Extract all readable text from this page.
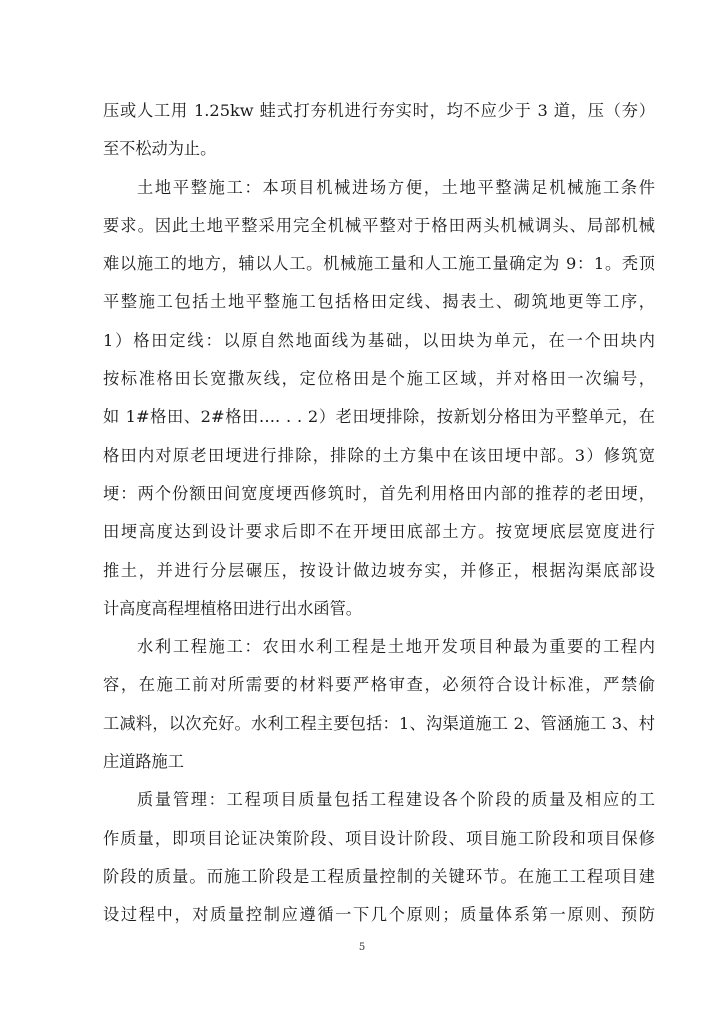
压或人工用 1.25kw 蛙式打夯机进行夯实时，均不应少于 3 道，压（夯）
至不松动为止。
土地平整施工：本项目机械进场方便，土地平整满足机械施工条件
要求。因此土地平整采用完全机械平整对于格田两头机械调头、局部机械
难以施工的地方，辅以人工。机械施工量和人工施工量确定为 9：1。秃顶
平整施工包括土地平整施工包括格田定线、揭表土、砌筑地更等工序，
1）格田定线：以原自然地面线为基础，以田块为单元，在一个田块内
按标准格田长宽撒灰线，定位格田是个施工区域，并对格田一次编号，
如 1#格田、2#格田…. . . 2）老田埂排除，按新划分格田为平整单元，在
格田内对原老田埂进行排除，排除的土方集中在该田埂中部。3）修筑宽
埂：两个份额田间宽度埂西修筑时，首先利用格田内部的推荐的老田埂，
田埂高度达到设计要求后即不在开埂田底部土方。按宽埂底层宽度进行
推土，并进行分层碾压，按设计做边坡夯实，并修正，根据沟渠底部设
计高度高程埋植格田进行出水函管。
水利工程施工：农田水利工程是土地开发项目种最为重要的工程内
容，在施工前对所需要的材料要严格审查，必须符合设计标准，严禁偷
工减料，以次充好。水利工程主要包括：1、沟渠道施工 2、管涵施工 3、村
庄道路施工
质量管理：工程项目质量包括工程建设各个阶段的质量及相应的工
作质量，即项目论证决策阶段、项目设计阶段、项目施工阶段和项目保修
阶段的质量。而施工阶段是工程质量控制的关键环节。在施工工程项目建
设过程中，对质量控制应遵循一下几个原则；质量体系第一原则、预防
5
